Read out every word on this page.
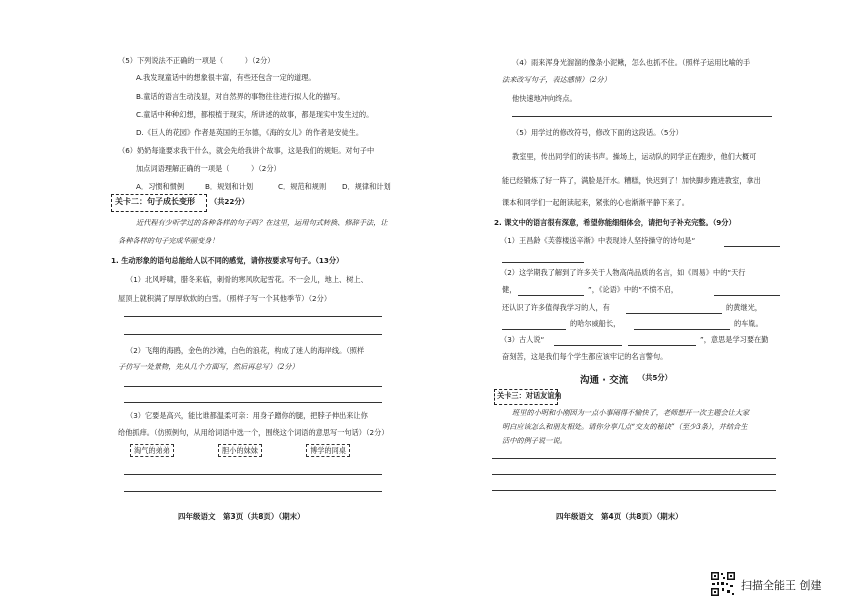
（5）下列说法不正确的一项是（　　　）（2分）
A.我发现童话中的想象很丰富，有些还包含一定的道理。
B.童话的语言生动浅显，对自然界的事物往往进行拟人化的描写。
C.童话中种种幻想，都根植于现实，所讲述的故事，都是现实中发生过的。
D.《巨人的花园》作者是英国的王尔德，《海的女儿》的作者是安徒生。
（6）奶奶每逢要求我干什么，就会先给我讲个故事，这是我们的规矩。对句子中
加点词语理解正确的一项是（　　　）（2分）
A．习惯和惯例	B．规划和计划	C．规范和规则 D．规律和计划
关卡二：句子成长变形 （共22分）
近代程有少听学过的各种各样的句子吗？在这里，运用句式转换、修辞手法，让
各种各样的句子完成华丽变身！
1. 生动形象的语句总能给人以不同的感觉，请你按要求写句子。（13分）
（1）北风呼啸，腊冬来临，刺骨的寒风吹起雪花。不一会儿，地上、树上、
屋顶上就积满了厚厚软软的白雪。（照样子写一个其他季节）（2分）
（2）飞翔的海鸥，金色的沙滩，白色的浪花，构成了迷人的海岸线。（照样
子仿写一处景物，先从几个方面写，然后再总写）（2分）
（3）它要是高兴，能比谁都温柔可亲：用身子蹭你的腿，把脖子伸出来让你
给他抓痒。（仿照例句，从用给词语中选一个，围绕这个词语的意思写一句话）（2分）
淘气的弟弟	胆小的妹妹	博学的同桌
四年级语文　第3页（共8页）（期末）
（4）雨来浑身光溜溜的像条小泥鳅，怎么也抓不住。（照样子运用比喻的手
法来改写句子，表达感情）（2分）
他快速地冲向终点。
（5）用学过的修改符号，修改下面的这段话。（5分）
教室里，传出同学们的读书声。操场上，运动队的同学正在跑步，他们大概可
能已经锻炼了好一阵了，满脸是汗水。糟糕，快迟到了！加快脚步跑进教室，拿出
课本和同学们一起朗读起来，紧张的心也渐渐平静下来了。
2. 课文中的语言很有深意，希望你能细细体会，请把句子补充完整。（9分）
（1）王昌龄《芙蓉楼送辛渐》中表现诗人坚持操守的诗句是“
（2）这学期我了解到了许多关于人物高尚品质的名言，如《周易》中的“天行
健，	”，《论语》中的“不愤不启，
还认识了许多值得我学习的人，有	的黄继光，
的哈尔威船长，	的车胤。
（3）古人说“	”，意思是学习要在勤
奋刻苦，这是我们每个学生都应该牢记的名言警句。
沟通 · 交流 （共5分）
关卡三：对话友谊角
班里的小明和小刚因为一点小事闹得不愉快了，老师想开一次主题会让大家
明白应该怎么和朋友相处。请你分享几点“交友的秘诀”（至少3条），并结合生
活中的例子说一说。
四年级语文　第4页（共8页）（期末）
扫描全能王 创建
